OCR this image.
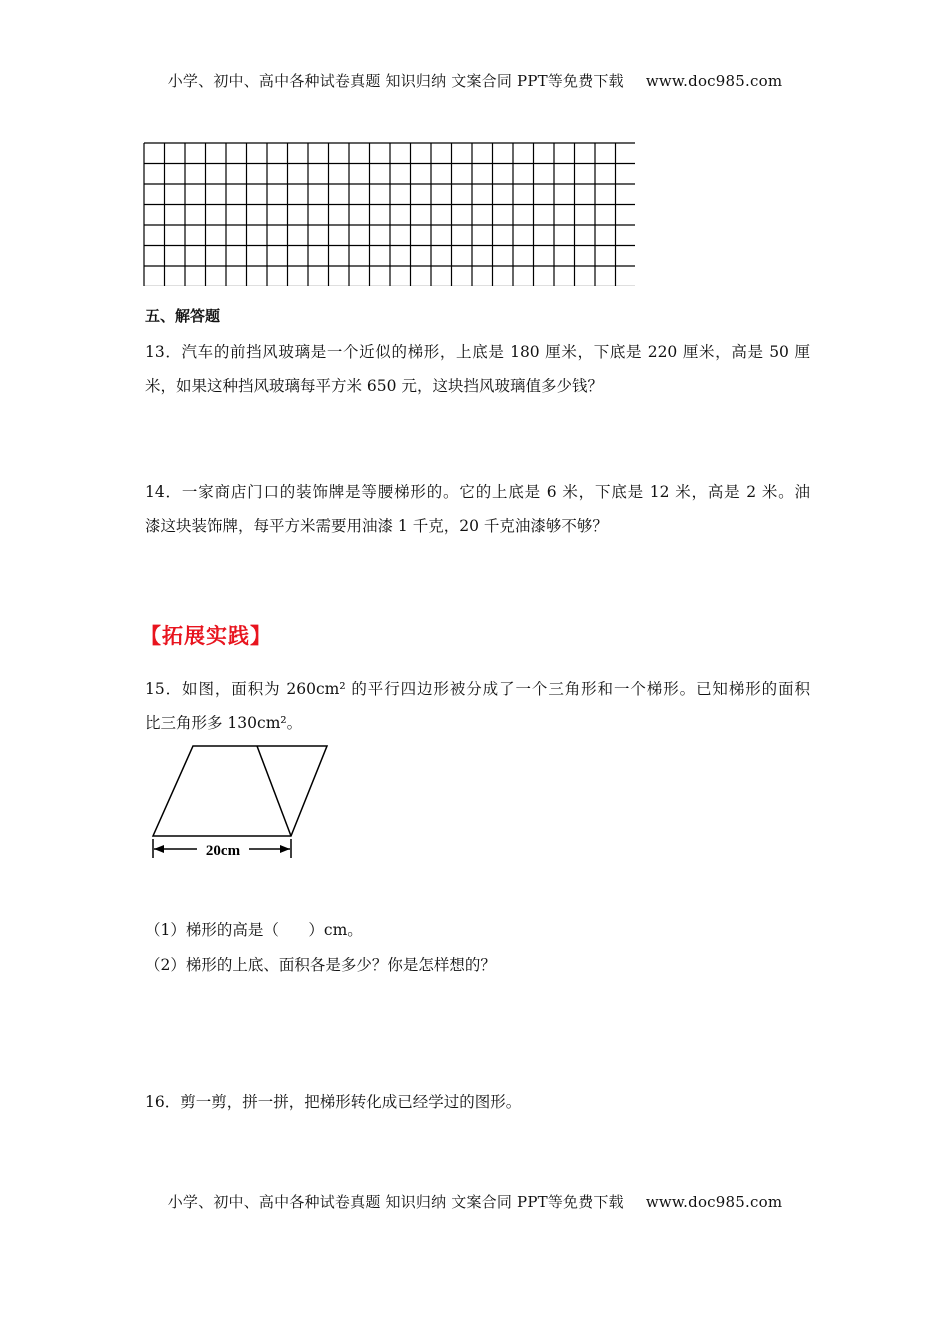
小学、初中、高中各种试卷真题 知识归纳 文案合同 PPT等免费下载 www.doc985.com
五、解答题

13．汽车的前挡风玻璃是一个近似的梯形，上底是 180 厘米，下底是 220 厘米，高是 50 厘

米，如果这种挡风玻璃每平方米 650 元，这块挡风玻璃值多少钱？

14．一家商店门口的装饰牌是等腰梯形的。它的上底是 6 米，下底是 12 米，高是 2 米。油

漆这块装饰牌，每平方米需要用油漆 1 千克，20 千克油漆够不够？

【拓展实践】

15．如图，面积为 260cm² 的平行四边形被分成了一个三角形和一个梯形。已知梯形的面积

比三角形多 130cm²。

20cm
（1）梯形的高是（      ）cm。
（2）梯形的上底、面积各是多少？你是怎样想的？

16．剪一剪，拼一拼，把梯形转化成已经学过的图形。

小学、初中、高中各种试卷真题 知识归纳 文案合同 PPT等免费下载 www.doc985.com
